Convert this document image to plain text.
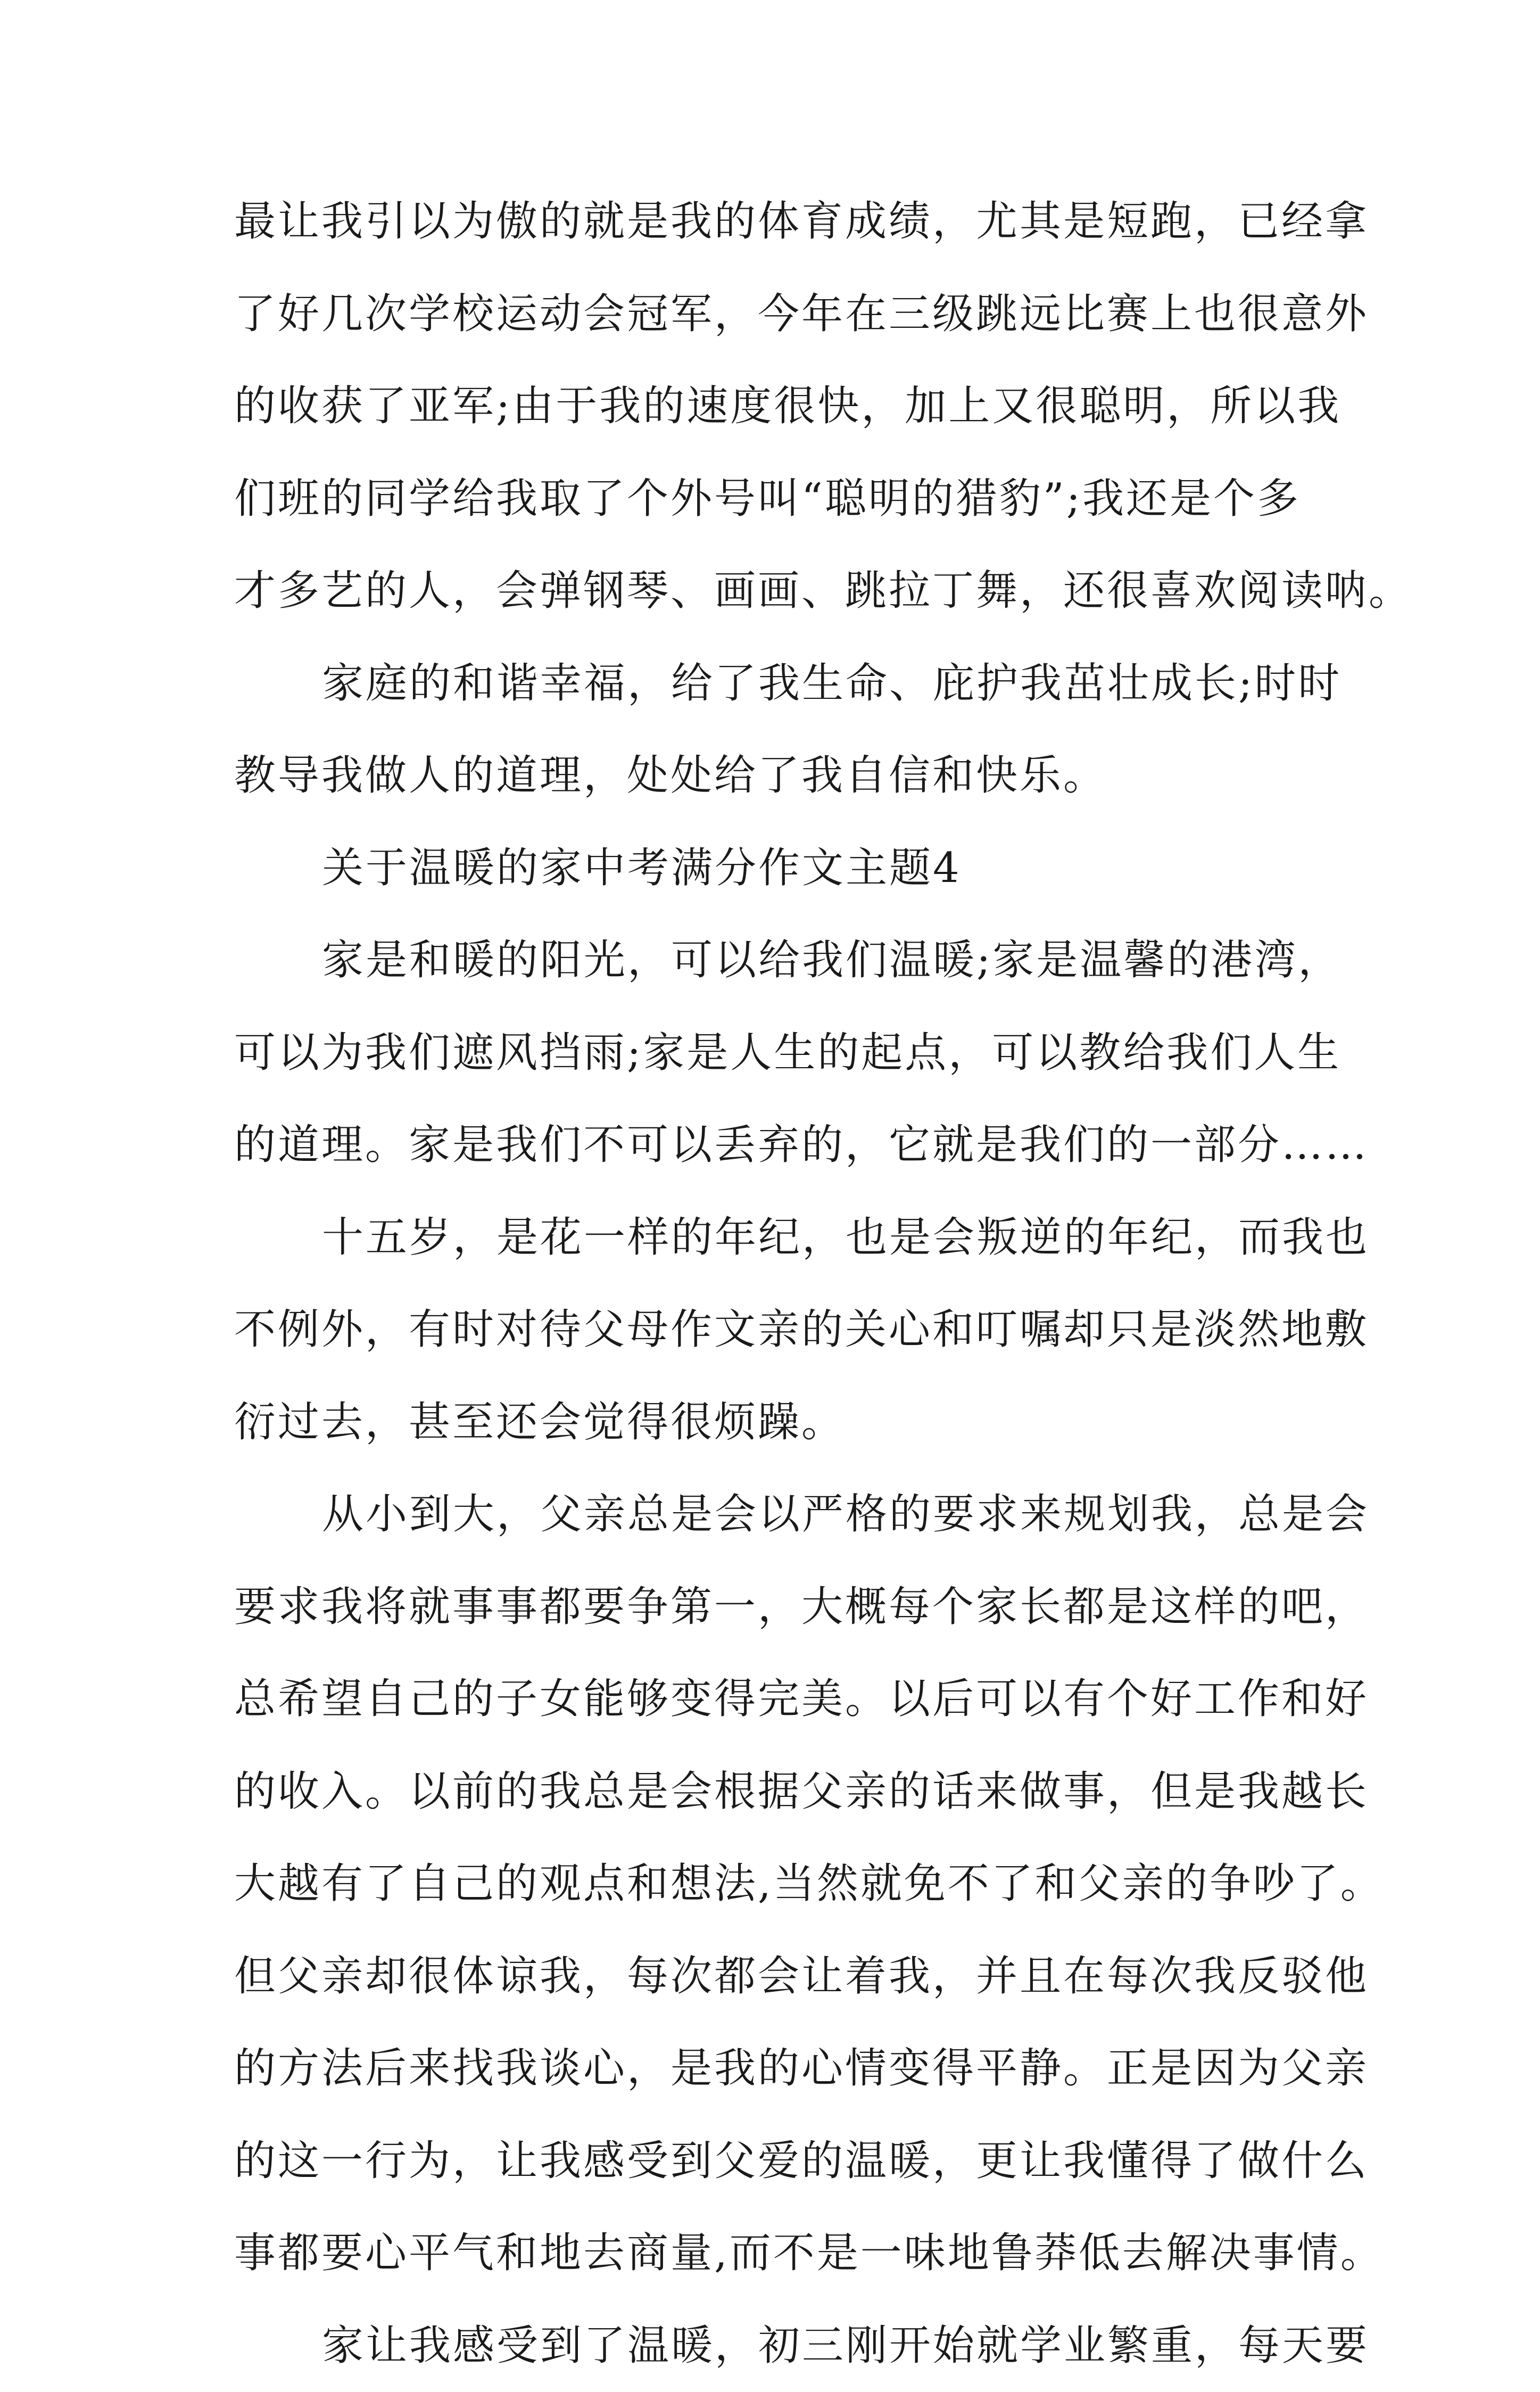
最让我引以为傲的就是我的体育成绩，尤其是短跑，已经拿
了好几次学校运动会冠军，今年在三级跳远比赛上也很意外
的收获了亚军;由于我的速度很快，加上又很聪明，所以我
们班的同学给我取了个外号叫“聪明的猎豹”;我还是个多
才多艺的人，会弹钢琴、画画、跳拉丁舞，还很喜欢阅读呐。
家庭的和谐幸福，给了我生命、庇护我茁壮成长;时时
教导我做人的道理，处处给了我自信和快乐。
关于温暖的家中考满分作文主题4
家是和暖的阳光，可以给我们温暖;家是温馨的港湾，
可以为我们遮风挡雨;家是人生的起点，可以教给我们人生
的道理。家是我们不可以丢弃的，它就是我们的一部分……
十五岁，是花一样的年纪，也是会叛逆的年纪，而我也
不例外，有时对待父母作文亲的关心和叮嘱却只是淡然地敷
衍过去，甚至还会觉得很烦躁。
从小到大，父亲总是会以严格的要求来规划我，总是会
要求我将就事事都要争第一，大概每个家长都是这样的吧，
总希望自己的子女能够变得完美。以后可以有个好工作和好
的收入。以前的我总是会根据父亲的话来做事，但是我越长
大越有了自己的观点和想法,当然就免不了和父亲的争吵了。
但父亲却很体谅我，每次都会让着我，并且在每次我反驳他
的方法后来找我谈心，是我的心情变得平静。正是因为父亲
的这一行为，让我感受到父爱的温暖，更让我懂得了做什么
事都要心平气和地去商量,而不是一味地鲁莽低去解决事情。
家让我感受到了温暖，初三刚开始就学业繁重，每天要
